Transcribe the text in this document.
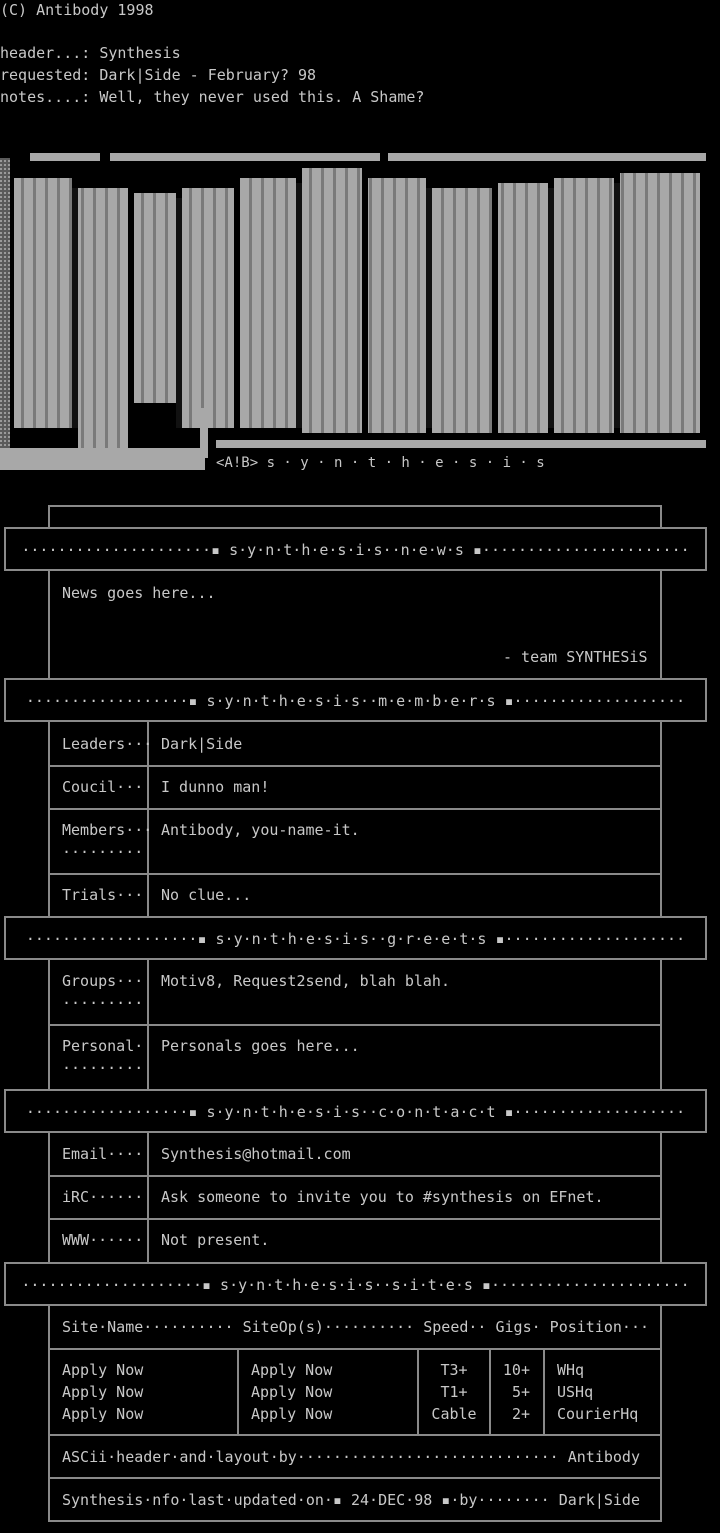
(C) Antibody 1998
header...: Synthesis
requested: Dark|Side - February? 98
notes....: Well, they never used this. A Shame?
<A!B> s · y · n · t · h · e · s · i · s
·····················▪ s·y·n·t·h·e·s·i·s··n·e·w·s ▪·······················
News goes here...
- team SYNTHESiS
··················▪ s·y·n·t·h·e·s·i·s··m·e·m·b·e·r·s ▪···················
Leaders··· Dark|Side
Coucil··· I dunno man!
Members···
·········
Antibody, you-name-it.
Trials··· No clue...
···················▪ s·y·n·t·h·e·s·i·s··g·r·e·e·t·s ▪····················
Groups···
·········
Motiv8, Request2send, blah blah.
Personal·
·········
Personals goes here...
··················▪ s·y·n·t·h·e·s·i·s··c·o·n·t·a·c·t ▪···················
Email···· Synthesis@hotmail.com
iRC······ Ask someone to invite you to #synthesis on EFnet.
WWW······ Not present.
····················▪ s·y·n·t·h·e·s·i·s··s·i·t·e·s ▪······················
Site·Name·········· SiteOp(s)·········· Speed·· Gigs· Position···
Apply Now	Apply Now	T3+	10+ WHq
Apply Now	Apply Now	T1+	5+ USHq
Apply Now	Apply Now	Cable	2+ CourierHq
ASCii·header·and·layout·by····························· Antibody
Synthesis·nfo·last·updated·on·▪ 24·DEC·98 ▪·by········ Dark|Side
